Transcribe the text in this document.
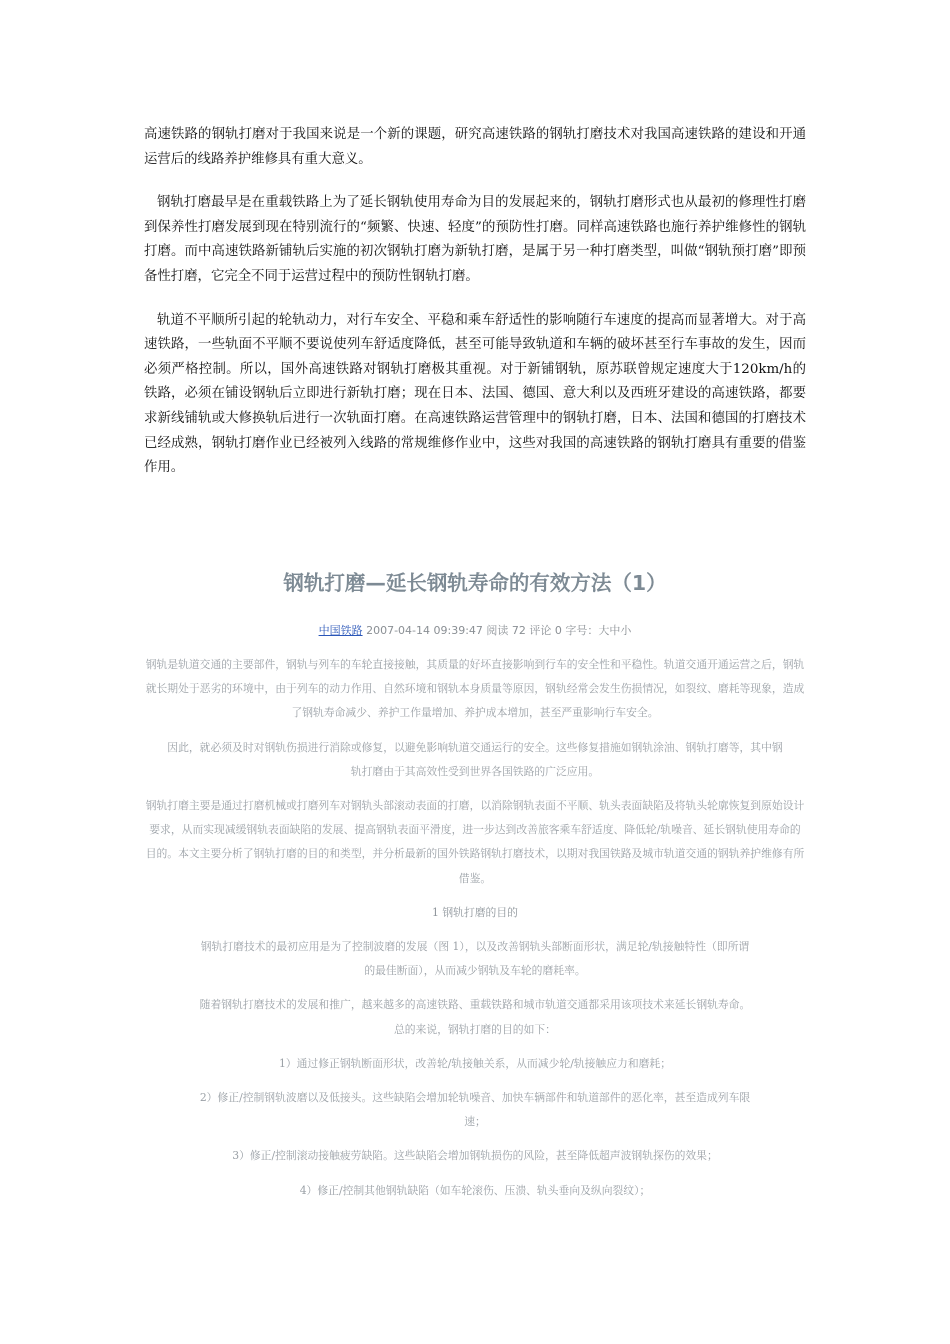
高速铁路的钢轨打磨对于我国来说是一个新的课题，研究高速铁路的钢轨打磨技术对我国高速铁路的建设和开通运营后的线路养护维修具有重大意义。

钢轨打磨最早是在重载铁路上为了延长钢轨使用寿命为目的发展起来的，钢轨打磨形式也从最初的修理性打磨到保养性打磨发展到现在特别流行的“频繁、快速、轻度”的预防性打磨。同样高速铁路也施行养护维修性的钢轨打磨。而中高速铁路新铺轨后实施的初次钢轨打磨为新轨打磨，是属于另一种打磨类型，叫做“钢轨预打磨”即预备性打磨，它完全不同于运营过程中的预防性钢轨打磨。

轨道不平顺所引起的轮轨动力，对行车安全、平稳和乘车舒适性的影响随行车速度的提高而显著增大。对于高速铁路，一些轨面不平顺不要说使列车舒适度降低，甚至可能导致轨道和车辆的破坏甚至行车事故的发生，因而必须严格控制。所以，国外高速铁路对钢轨打磨极其重视。对于新铺钢轨，原苏联曾规定速度大于120km/h的铁路，必须在铺设钢轨后立即进行新轨打磨；现在日本、法国、德国、意大利以及西班牙建设的高速铁路，都要求新线铺轨或大修换轨后进行一次轨面打磨。在高速铁路运营管理中的钢轨打磨，日本、法国和德国的打磨技术已经成熟，钢轨打磨作业已经被列入线路的常规维修作业中，这些对我国的高速铁路的钢轨打磨具有重要的借鉴作用。

钢轨打磨—延长钢轨寿命的有效方法（1）
中国铁路 2007-04-14 09:39:47 阅读 72 评论 0 字号：大中小

钢轨是轨道交通的主要部件，钢轨与列车的车轮直接接触，其质量的好坏直接影响到行车的安全性和平稳性。轨道交通开通运营之后，钢轨就长期处于恶劣的环境中，由于列车的动力作用、自然环境和钢轨本身质量等原因，钢轨经常会发生伤损情况，如裂纹、磨耗等现象，造成了钢轨寿命减少、养护工作量增加、养护成本增加，甚至严重影响行车安全。

因此，就必须及时对钢轨伤损进行消除或修复，以避免影响轨道交通运行的安全。这些修复措施如钢轨涂油、钢轨打磨等，其中钢轨打磨由于其高效性受到世界各国铁路的广泛应用。

钢轨打磨主要是通过打磨机械或打磨列车对钢轨头部滚动表面的打磨，以消除钢轨表面不平顺、轨头表面缺陷及将轨头轮廓恢复到原始设计要求，从而实现减缓钢轨表面缺陷的发展、提高钢轨表面平滑度，进一步达到改善旅客乘车舒适度、降低轮/轨噪音、延长钢轨使用寿命的目的。本文主要分析了钢轨打磨的目的和类型，并分析最新的国外铁路钢轨打磨技术，以期对我国铁路及城市轨道交通的钢轨养护维修有所借鉴。

1 钢轨打磨的目的

钢轨打磨技术的最初应用是为了控制波磨的发展（图 1），以及改善钢轨头部断面形状，满足轮/轨接触特性（即所谓的最佳断面），从而减少钢轨及车轮的磨耗率。

随着钢轨打磨技术的发展和推广，越来越多的高速铁路、重载铁路和城市轨道交通都采用该项技术来延长钢轨寿命。总的来说，钢轨打磨的目的如下：

1）通过修正钢轨断面形状，改善轮/轨接触关系，从而减少轮/轨接触应力和磨耗；

2）修正/控制钢轨波磨以及低接头。这些缺陷会增加轮轨噪音、加快车辆部件和轨道部件的恶化率，甚至造成列车限速；

3）修正/控制滚动接触疲劳缺陷。这些缺陷会增加钢轨损伤的风险，甚至降低超声波钢轨探伤的效果；

4）修正/控制其他钢轨缺陷（如车轮滚伤、压溃、轨头垂向及纵向裂纹）；
